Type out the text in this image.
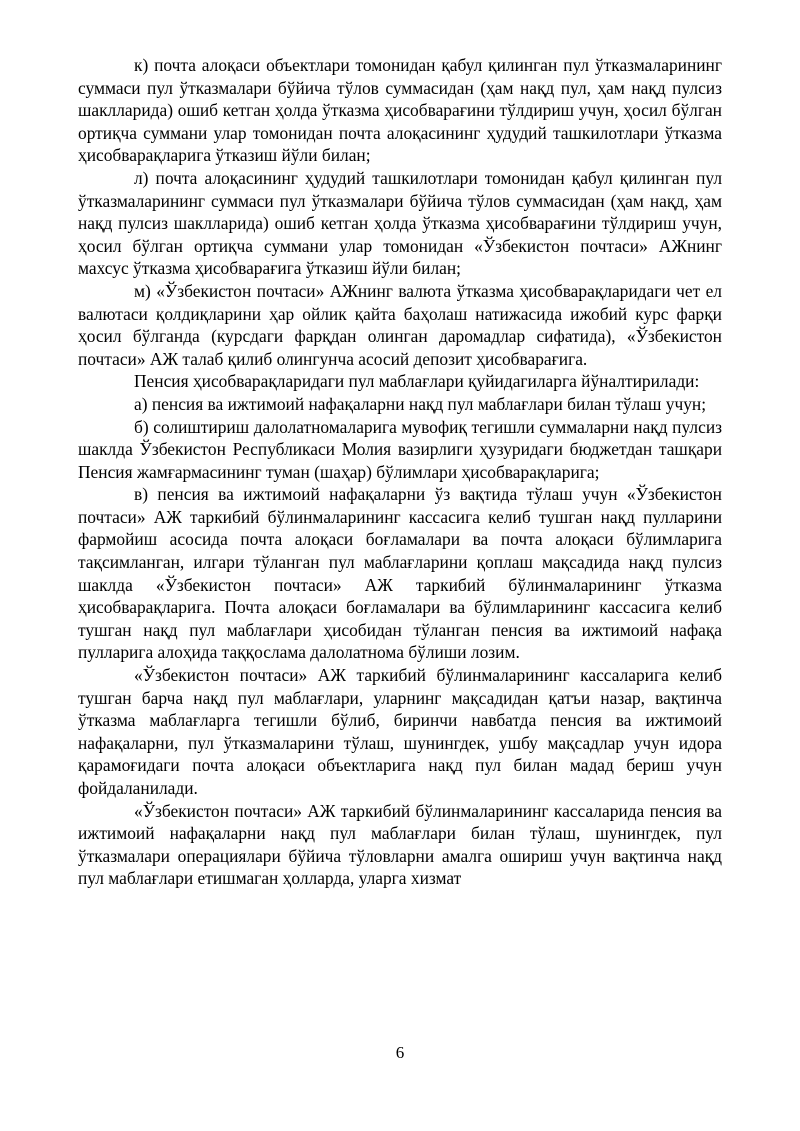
к) почта алоқаси объектлари томонидан қабул қилинган пул ўтказмаларининг суммаси пул ўтказмалари бўйича тўлов суммасидан (ҳам нақд пул, ҳам нақд пулсиз шаклларида) ошиб кетган ҳолда ўтказма ҳисобварағини тўлдириш учун, ҳосил бўлган ортиқча суммани улар томонидан почта алоқасининг ҳудудий ташкилотлари ўтказма ҳисобварақларига ўтказиш йўли билан;

л) почта алоқасининг ҳудудий ташкилотлари томонидан қабул қилинган пул ўтказмаларининг суммаси пул ўтказмалари бўйича тўлов суммасидан (ҳам нақд, ҳам нақд пулсиз шаклларида) ошиб кетган ҳолда ўтказма ҳисобварағини тўлдириш учун, ҳосил бўлган ортиқча суммани улар томонидан «Ўзбекистон почтаси» АЖнинг махсус ўтказма ҳисобварағига ўтказиш йўли билан;

м) «Ўзбекистон почтаси» АЖнинг валюта ўтказма ҳисобварақларидаги чет ел валютаси қолдиқларини ҳар ойлик қайта баҳолаш натижасида ижобий курс фарқи ҳосил бўлганда (курсдаги фарқдан олинган даромадлар сифатида), «Ўзбекистон почтаси» АЖ талаб қилиб олингунча асосий депозит ҳисобварағига.

Пенсия ҳисобварақларидаги пул маблағлари қуйидагиларга йўналтирилади:

а) пенсия ва ижтимоий нафақаларни нақд пул маблағлари билан тўлаш учун;

б) солиштириш далолатномаларига мувофиқ тегишли суммаларни нақд пулсиз шаклда Ўзбекистон Республикаси Молия вазирлиги ҳузуридаги бюджетдан ташқари Пенсия жамғармасининг туман (шаҳар) бўлимлари ҳисобварақларига;

в) пенсия ва ижтимоий нафақаларни ўз вақтида тўлаш учун «Ўзбекистон почтаси» АЖ таркибий бўлинмаларининг кассасига келиб тушган нақд пулларини фармойиш асосида почта алоқаси боғламалари ва почта алоқаси бўлимларига тақсимланган, илгари тўланган пул маблағларини қоплаш мақсадида нақд пулсиз шаклда «Ўзбекистон почтаси» АЖ таркибий бўлинмаларининг ўтказма ҳисобварақларига. Почта алоқаси боғламалари ва бўлимларининг кассасига келиб тушган нақд пул маблағлари ҳисобидан тўланган пенсия ва ижтимоий нафақа пулларига алоҳида таққослама далолатнома бўлиши лозим.

«Ўзбекистон почтаси» АЖ таркибий бўлинмаларининг кассаларига келиб тушган барча нақд пул маблағлари, уларнинг мақсадидан қатъи назар, вақтинча ўтказма маблағларга тегишли бўлиб, биринчи навбатда пенсия ва ижтимоий нафақаларни, пул ўтказмаларини тўлаш, шунингдек, ушбу мақсадлар учун идора қарамоғидаги почта алоқаси объектларига нақд пул билан мадад бериш учун фойдаланилади.

«Ўзбекистон почтаси» АЖ таркибий бўлинмаларининг кассаларида пенсия ва ижтимоий нафақаларни нақд пул маблағлари билан тўлаш, шунингдек, пул ўтказмалари операциялари бўйича тўловларни амалга ошириш учун вақтинча нақд пул маблағлари етишмаган ҳолларда, уларга хизмат

6
